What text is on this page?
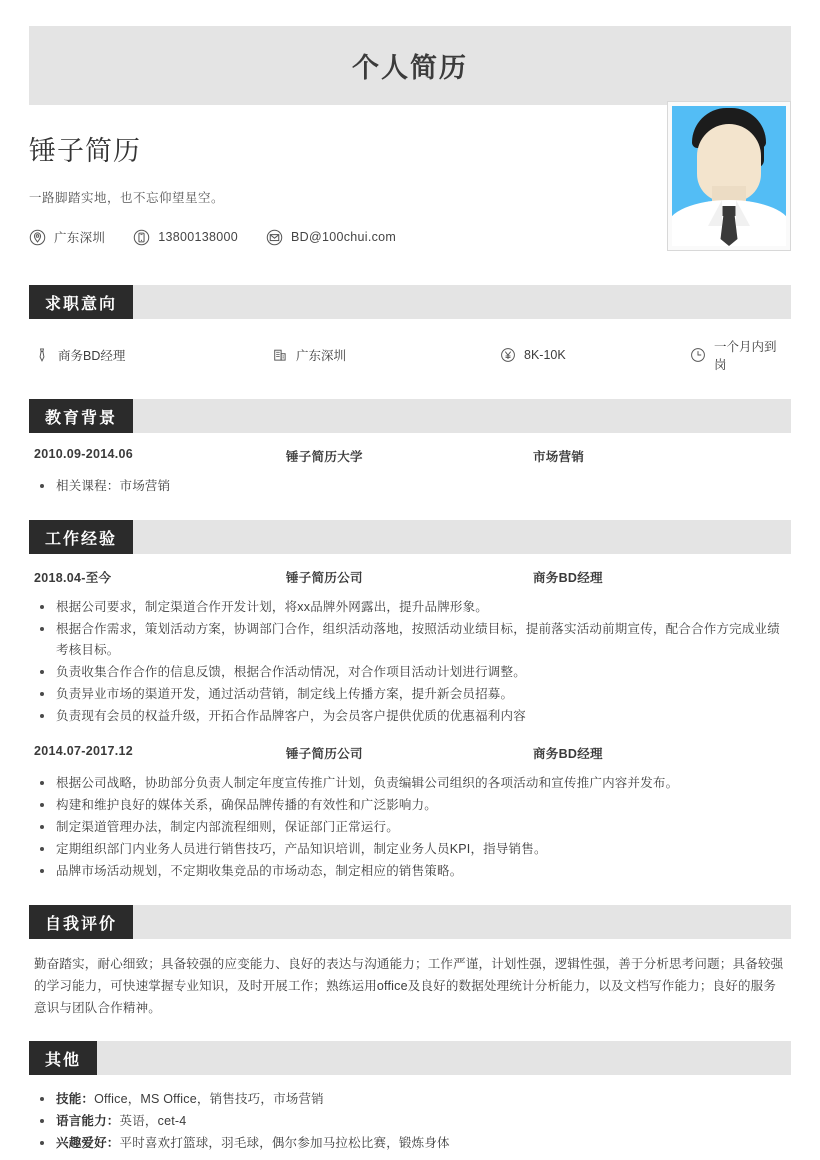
个人简历
锤子简历
一路脚踏实地，也不忘仰望星空。
广东深圳	13800138000	BD@100chui.com
求职意向
商务BD经理	广东深圳	8K-10K
一个月内到岗
教育背景
2010.09-2014.06	锤子简历大学	市场营销
相关课程：市场营销
工作经验
2018.04-至今	锤子简历公司	商务BD经理
根据公司要求，制定渠道合作开发计划，将xx品牌外网露出，提升品牌形象。
根据合作需求，策划活动方案，协调部门合作，组织活动落地，按照活动业绩目标，提前落实活动前期宣传，配合合作方完成业绩考核目标。
负责收集合作合作的信息反馈，根据合作活动情况，对合作项目活动计划进行调整。
负责异业市场的渠道开发，通过活动营销，制定线上传播方案，提升新会员招募。
负责现有会员的权益升级，开拓合作品牌客户，为会员客户提供优质的优惠福利内容
2014.07-2017.12	锤子简历公司	商务BD经理
根据公司战略，协助部分负责人制定年度宣传推广计划，负责编辑公司组织的各项活动和宣传推广内容并发布。
构建和维护良好的媒体关系，确保品牌传播的有效性和广泛影响力。
制定渠道管理办法，制定内部流程细则，保证部门正常运行。
定期组织部门内业务人员进行销售技巧，产品知识培训，制定业务人员KPI，指导销售。
品牌市场活动规划，不定期收集竞品的市场动态，制定相应的销售策略。
自我评价
勤奋踏实，耐心细致；具备较强的应变能力、良好的表达与沟通能力；工作严谨，计划性强，逻辑性强，善于分析思考问题；具备较强的学习能力，可快速掌握专业知识，及时开展工作；熟练运用office及良好的数据处理统计分析能力，以及文档写作能力；良好的服务意识与团队合作精神。
其他
技能：Office，MS Office，销售技巧，市场营销
语言能力：英语，cet-4
兴趣爱好：平时喜欢打篮球，羽毛球，偶尔参加马拉松比赛，锻炼身体
